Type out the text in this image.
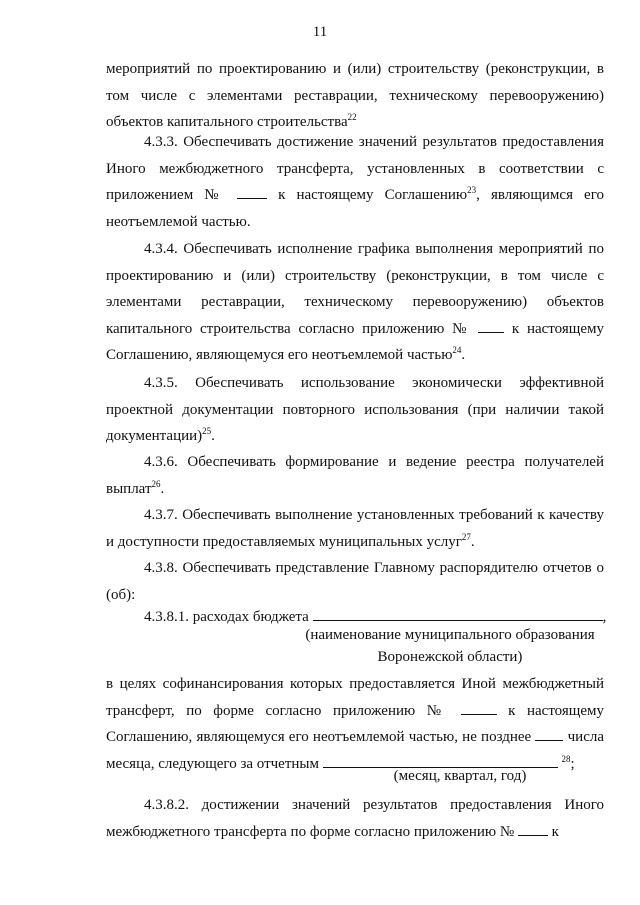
11

мероприятий по проектированию и (или) строительству (реконструкции, в том числе с элементами реставрации, техническому перевооружению) объектов капитального строительства$^{22}$

4.3.3. Обеспечивать достижение значений результатов предоставления Иного межбюджетного трансферта, установленных в соответствии с приложением №  к настоящему Соглашению$^{23}$, являющимся его неотъемлемой частью.

4.3.4. Обеспечивать исполнение графика выполнения мероприятий по проектированию и (или) строительству (реконструкции, в том числе с элементами реставрации, техническому перевооружению) объектов капитального строительства согласно приложению №  к настоящему Соглашению, являющемуся его неотъемлемой частью$^{24}$.

4.3.5. Обеспечивать использование экономически эффективной проектной документации повторного использования (при наличии такой документации)$^{25}$.

4.3.6. Обеспечивать формирование и ведение реестра получателей выплат$^{26}$.

4.3.7. Обеспечивать выполнение установленных требований к качеству и доступности предоставляемых муниципальных услуг$^{27}$.

4.3.8. Обеспечивать представление Главному распорядителю отчетов о (об):

4.3.8.1. расходах бюджета	,

(наименование муниципального образования
Воронежской области)

в целях софинансирования которых предоставляется Иной межбюджетный трансферт, по форме согласно приложению №  к настоящему Соглашению, являющемуся его неотъемлемой частью, не позднее  числа месяца, следующего за отчетным	$^{28}$;

(месяц, квартал, год)

4.3.8.2. достижении значений результатов предоставления Иного межбюджетного трансферта по форме согласно приложению №  к
